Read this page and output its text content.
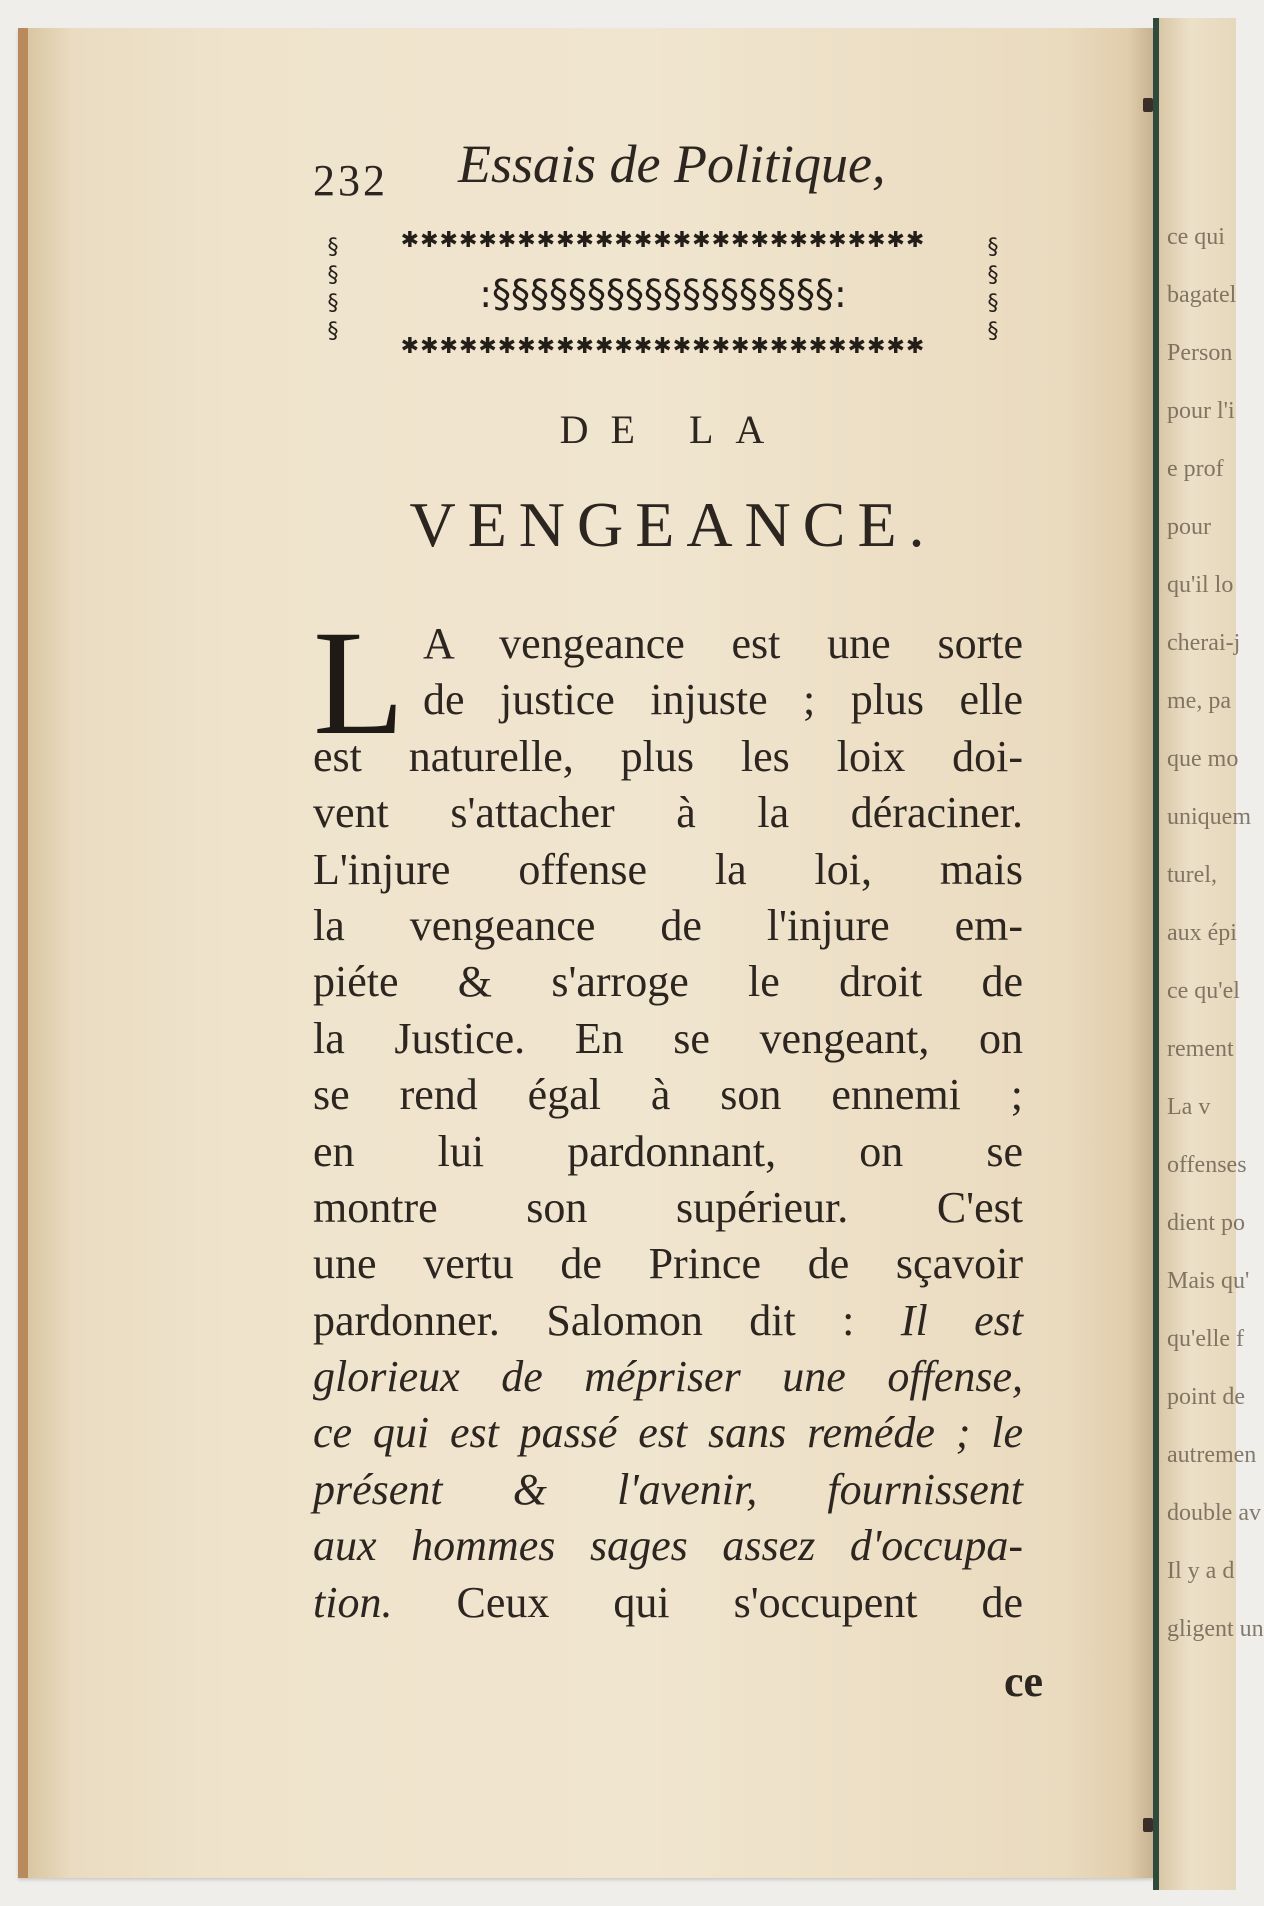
232 Essais de Politique,
§
§
§
§
✱✱✱✱✱✱✱✱✱✱✱✱✱✱✱✱✱✱✱✱✱✱✱✱✱✱✱
:§§§§§§§§§§§§§§§§§§:
✱✱✱✱✱✱✱✱✱✱✱✱✱✱✱✱✱✱✱✱✱✱✱✱✱✱✱
§
§
§
§
DE LA
VENGEANCE.
L A vengeance est une sorte
de justice injuste ; plus elle
est naturelle, plus les loix doi-
vent s'attacher à la déraciner.
L'injure offense la loi, mais
la vengeance de l'injure em-
piéte & s'arroge le droit de
la Justice. En se vengeant, on
se rend égal à son ennemi ;
en lui pardonnant, on se
montre son supérieur. C'est
une vertu de Prince de sçavoir
pardonner. Salomon dit : Il est
glorieux de mépriser une offense,
ce qui est passé est sans reméde ; le
présent & l'avenir, fournissent
aux hommes sages assez d'occupa-
tion. Ceux qui s'occupent de
ce
ce qui
bagatel
Person
pour l'i
e prof
pour
qu'il lo
cherai-j
me, pa
que mo
uniquem
turel,
aux épi
ce qu'el
rement
La v
offenses
dient po
Mais qu'
qu'elle f
point de
autremen
double av
Il y a d
gligent un
